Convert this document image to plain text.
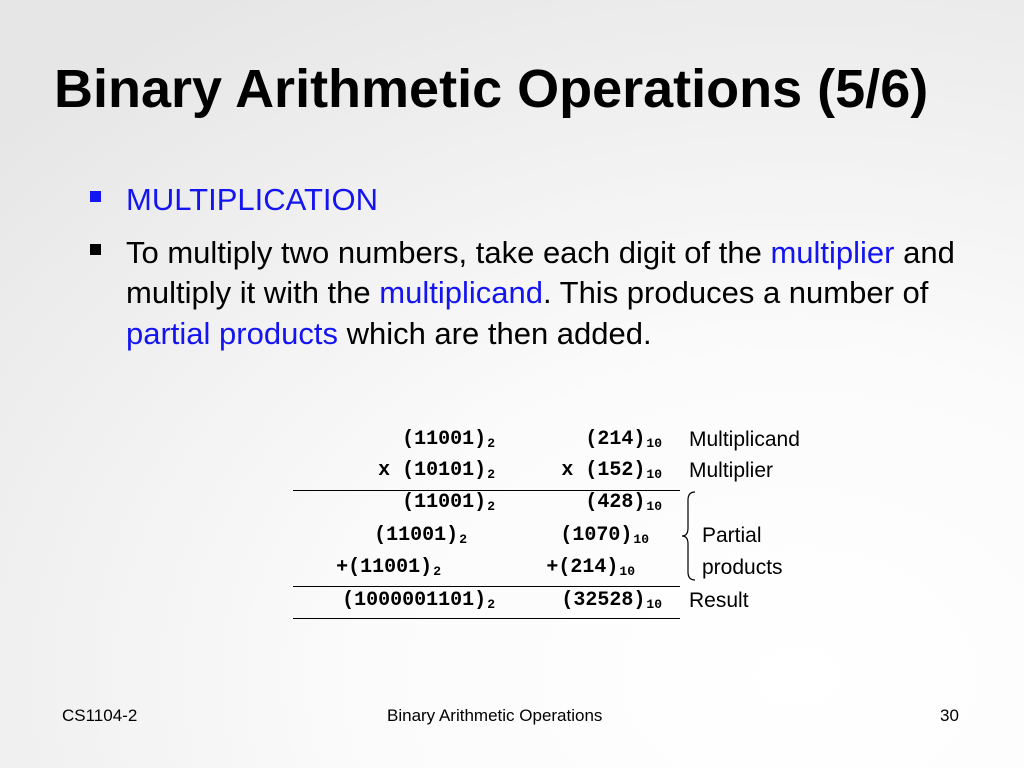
Binary Arithmetic Operations (5/6)
MULTIPLICATION
To multiply two numbers, take each digit of the multiplier and multiply it with the multiplicand. This produces a number of partial products which are then added.
$(11001)_2$
x $(10101)_2$
$(11001)_2$
$(11001)_2$
$+(11001)_2$
$(1000001101)_2$
$(214)_{10}$
x $(152)_{10}$
$(428)_{10}$
$(1070)_{10}$
$+(214)_{10}$
$(32528)_{10}$
Multiplicand
Multiplier
Partial
products
Result
CS1104-2	Binary Arithmetic Operations	30
